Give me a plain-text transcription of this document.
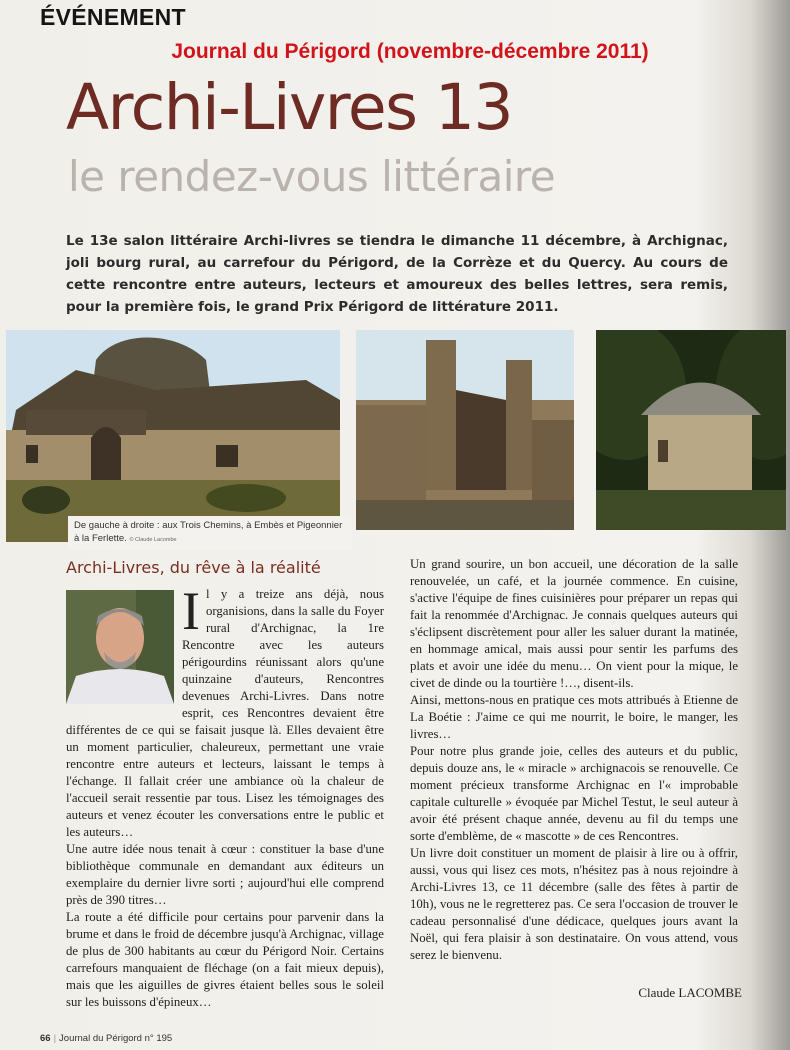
ÉVÉNEMENT
Journal du Périgord (novembre-décembre 2011)
Archi-Livres 13
le rendez-vous littéraire
Le 13e salon littéraire Archi-livres se tiendra le dimanche 11 décembre, à Archignac, joli bourg rural, au carrefour du Périgord, de la Corrèze et du Quercy. Au cours de cette rencontre entre auteurs, lecteurs et amoureux des belles lettres, sera remis, pour la première fois, le grand Prix Périgord de littérature 2011.
De gauche à droite : aux Trois Chemins, à Embès et Pigeonnier à la Ferlette. © Claude Lacombe
Archi-Livres, du rêve à la réalité
I l y a treize ans déjà, nous organisions, dans la salle du Foyer rural d'Archignac, la 1re Rencontre avec les auteurs périgourdins réunissant alors qu'une quinzaine d'auteurs, Rencontres devenues Archi-Livres. Dans notre esprit, ces Rencontres devaient être différentes de ce qui se faisait jusque là. Elles devaient être un moment particulier, chaleureux, permettant une vraie rencontre entre auteurs et lecteurs, laissant le temps à l'échange. Il fallait créer une ambiance où la chaleur de l'accueil serait ressentie par tous. Lisez les témoignages des auteurs et venez écouter les conversations entre le public et les auteurs…

Une autre idée nous tenait à cœur : constituer la base d'une bibliothèque communale en demandant aux éditeurs un exemplaire du dernier livre sorti ; aujourd'hui elle comprend près de 390 titres…

La route a été difficile pour certains pour parvenir dans la brume et dans le froid de décembre jusqu'à Archignac, village de plus de 300 habitants au cœur du Périgord Noir. Certains carrefours manquaient de fléchage (on a fait mieux depuis), mais que les aiguilles de givres étaient belles sous le soleil sur les buissons d'épineux…

Un grand sourire, un bon accueil, une décoration de la salle renouvelée, un café, et la journée commence. En cuisine, s'active l'équipe de fines cuisinières pour préparer un repas qui fait la renommée d'Archignac. Je connais quelques auteurs qui s'éclipsent discrètement pour aller les saluer durant la matinée, en hommage amical, mais aussi pour sentir les parfums des plats et avoir une idée du menu… On vient pour la mique, le civet de dinde ou la tourtière !…, disent-ils.

Ainsi, mettons-nous en pratique ces mots attribués à Etienne de La Boétie : J'aime ce qui me nourrit, le boire, le manger, les livres…

Pour notre plus grande joie, celles des auteurs et du public, depuis douze ans, le « miracle » archignacois se renouvelle. Ce moment précieux transforme Archignac en l'« improbable capitale culturelle » évoquée par Michel Testut, le seul auteur à avoir été présent chaque année, devenu au fil du temps une sorte d'emblème, de « mascotte » de ces Rencontres.

Un livre doit constituer un moment de plaisir à lire ou à offrir, aussi, vous qui lisez ces mots, n'hésitez pas à nous rejoindre à Archi-Livres 13, ce 11 décembre (salle des fêtes à partir de 10h), vous ne le regretterez pas. Ce sera l'occasion de trouver le cadeau personnalisé d'une dédicace, quelques jours avant la Noël, qui fera plaisir à son destinataire. On vous attend, vous serez le bienvenu.

Claude LACOMBE
66 | Journal du Périgord n° 195
